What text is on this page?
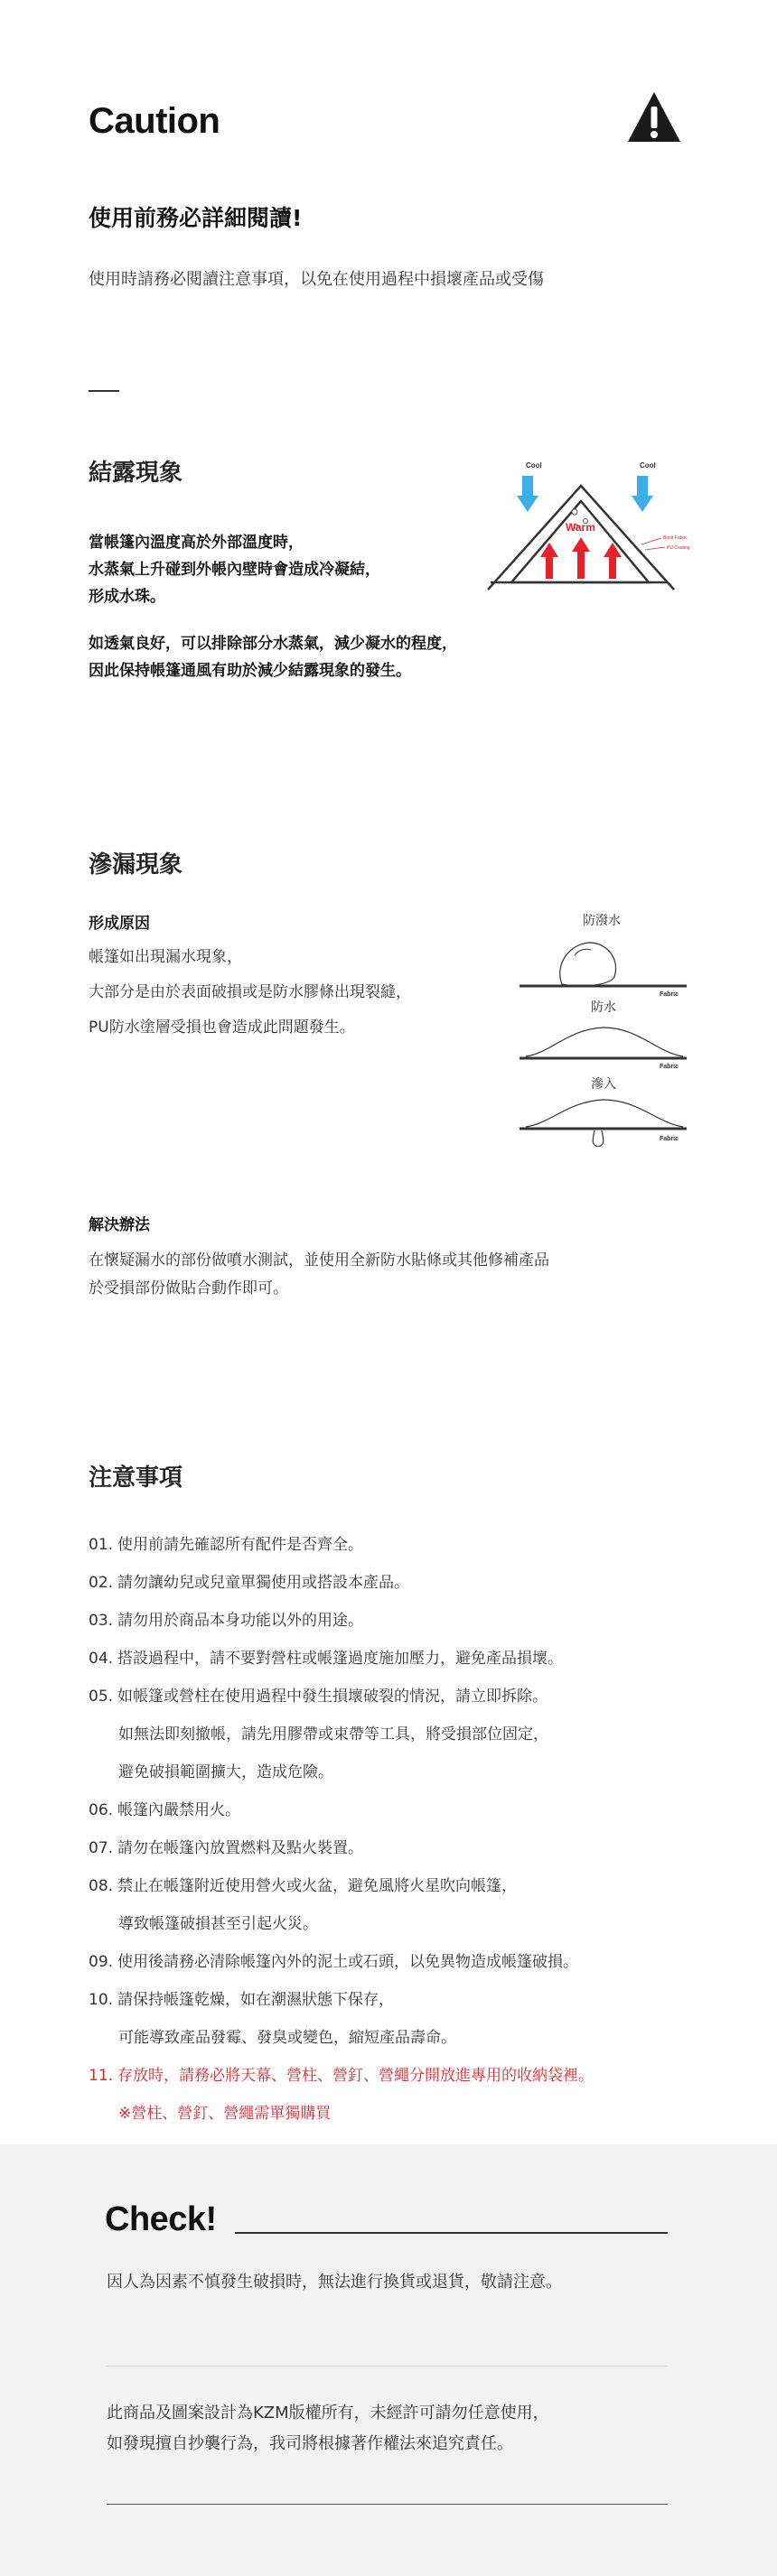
Caution
使用前務必詳細閱讀!
使用時請務必閱讀注意事項，以免在使用過程中損壞產品或受傷
結露現象
當帳篷內溫度高於外部溫度時，
水蒸氣上升碰到外帳內壁時會造成冷凝結，
形成水珠。
如透氣良好，可以排除部分水蒸氣，減少凝水的程度，
因此保持帳篷通風有助於減少結露現象的發生。
Cool	Cool
Warm
Bonit Fabric
PU Coating
滲漏現象
形成原因
帳篷如出現漏水現象，
大部分是由於表面破損或是防水膠條出現裂縫，
PU防水塗層受損也會造成此問題發生。
防潑水
Fabric
防水
Fabric
滲入
Fabric
解決辦法
在懷疑漏水的部份做噴水測試，並使用全新防水貼條或其他修補產品
於受損部份做貼合動作即可。
注意事項
01. 使用前請先確認所有配件是否齊全。
02. 請勿讓幼兒或兒童單獨使用或搭設本產品。
03. 請勿用於商品本身功能以外的用途。
04. 搭設過程中，請不要對營柱或帳篷過度施加壓力，避免產品損壞。
05. 如帳篷或營柱在使用過程中發生損壞破裂的情況，請立即拆除。
如無法即刻撤帳，請先用膠帶或束帶等工具，將受損部位固定，
避免破損範圍擴大，造成危險。
06. 帳篷內嚴禁用火。
07. 請勿在帳篷內放置燃料及點火裝置。
08. 禁止在帳篷附近使用營火或火盆，避免風將火星吹向帳篷，
導致帳篷破損甚至引起火災。
09. 使用後請務必清除帳篷內外的泥土或石頭，以免異物造成帳篷破損。
10. 請保持帳篷乾燥，如在潮濕狀態下保存，
可能導致產品發霉、發臭或變色，縮短產品壽命。
11. 存放時，請務必將天幕、營柱、營釘、營繩分開放進專用的收納袋裡。
※營柱、營釘、營繩需單獨購買
Check!
因人為因素不慎發生破損時，無法進行換貨或退貨，敬請注意。
此商品及圖案設計為KZM版權所有，未經許可請勿任意使用，
如發現擅自抄襲行為，我司將根據著作權法來追究責任。
